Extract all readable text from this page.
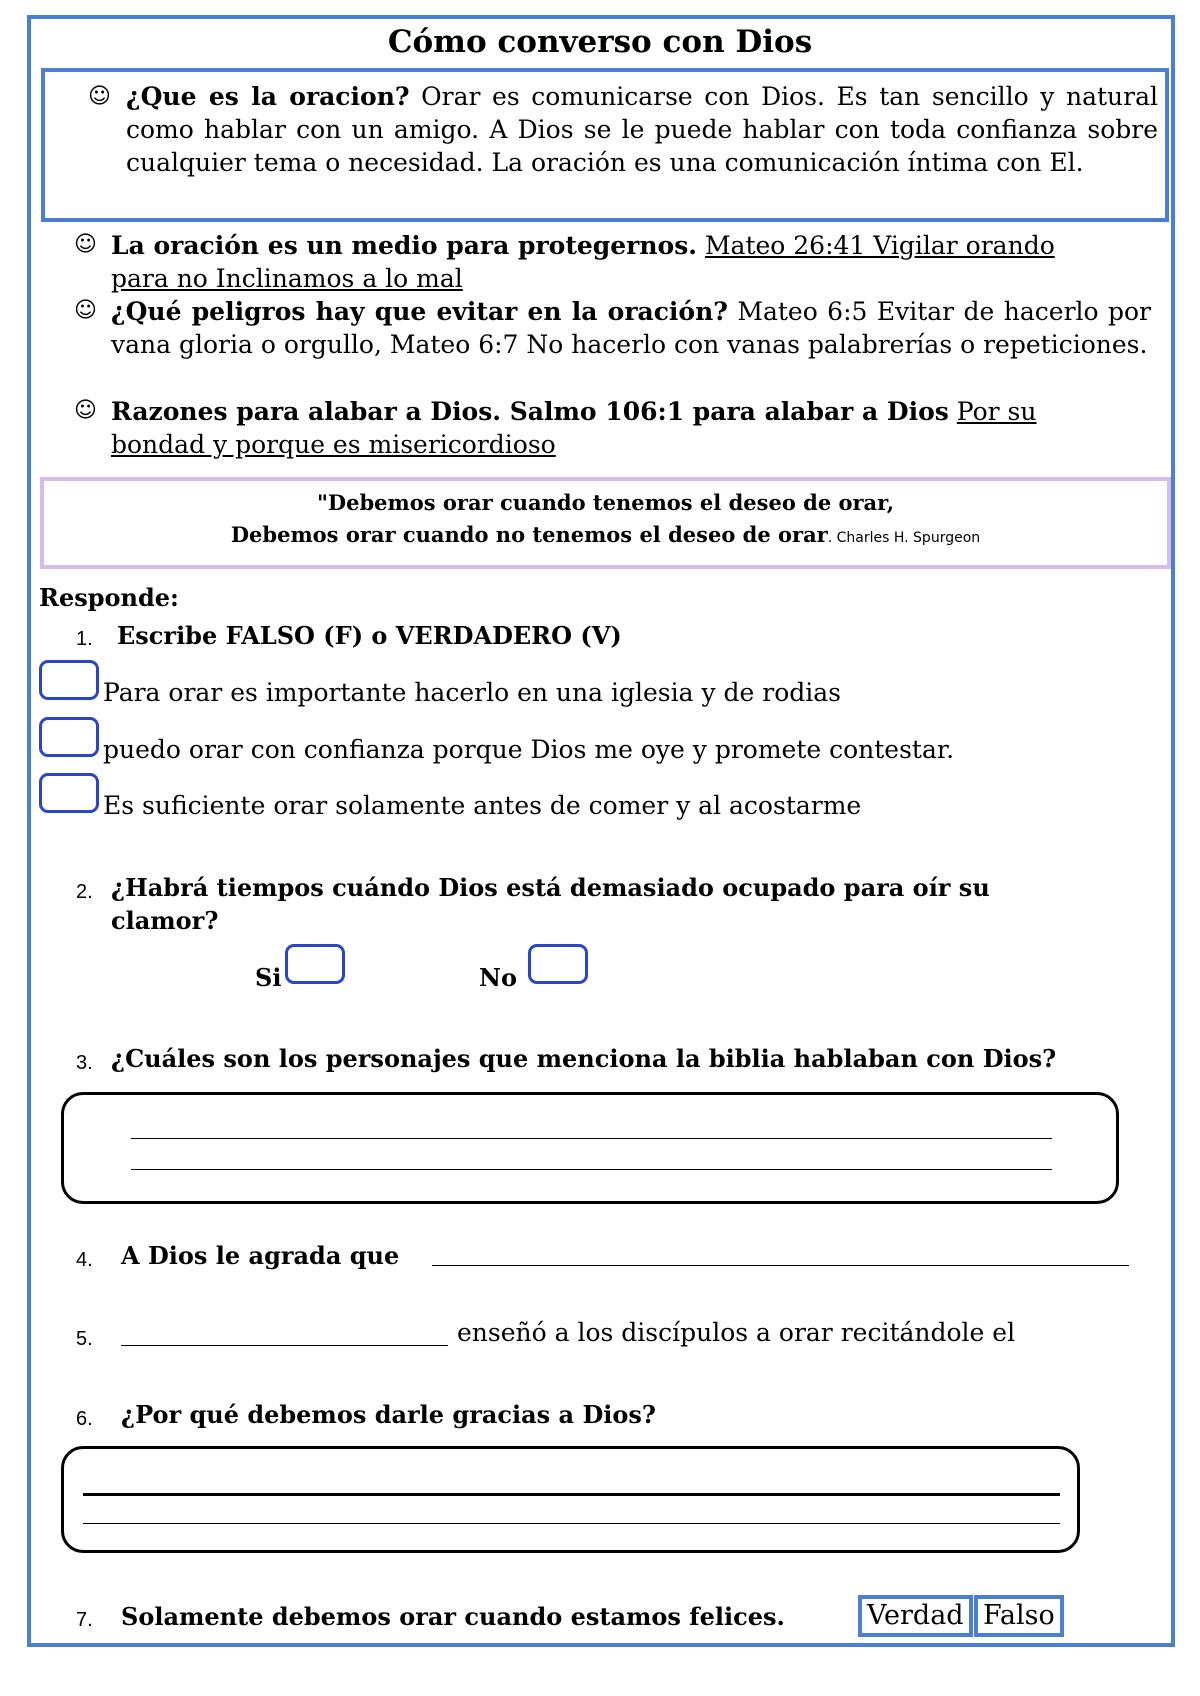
Cómo converso con Dios
☺ ¿Que es la oracion? Orar es comunicarse con Dios. Es tan sencillo y natural como hablar con un amigo. A Dios se le puede hablar con toda confianza sobre cualquier tema o necesidad. La oración es una comunicación íntima con El.
☺ La oración es un medio para protegernos. Mateo 26:41 Vigilar orando para no Inclinamos a lo mal
☺ ¿Qué peligros hay que evitar en la oración? Mateo 6:5 Evitar de hacerlo por vana gloria o orgullo, Mateo 6:7 No hacerlo con vanas palabrerías o repeticiones.
☺ Razones para alabar a Dios. Salmo 106:1 para alabar a Dios Por su bondad y porque es misericordioso
"Debemos orar cuando tenemos el deseo de orar,
Debemos orar cuando no tenemos el deseo de orar. Charles H. Spurgeon
Responde:
1. Escribe FALSO (F) o VERDADERO (V)
Para orar es importante hacerlo en una iglesia y de rodias
puedo orar con confianza porque Dios me oye y promete contestar.
Es suficiente orar solamente antes de comer y al acostarme
2. ¿Habrá tiempos cuándo Dios está demasiado ocupado para oír su
clamor?
Si	No
3. ¿Cuáles son los personajes que menciona la biblia hablaban con Dios?
4. A Dios le agrada que
5.	enseñó a los discípulos a orar recitándole el
6. ¿Por qué debemos darle gracias a Dios?
7. Solamente debemos orar cuando estamos felices.	Verdad Falso
